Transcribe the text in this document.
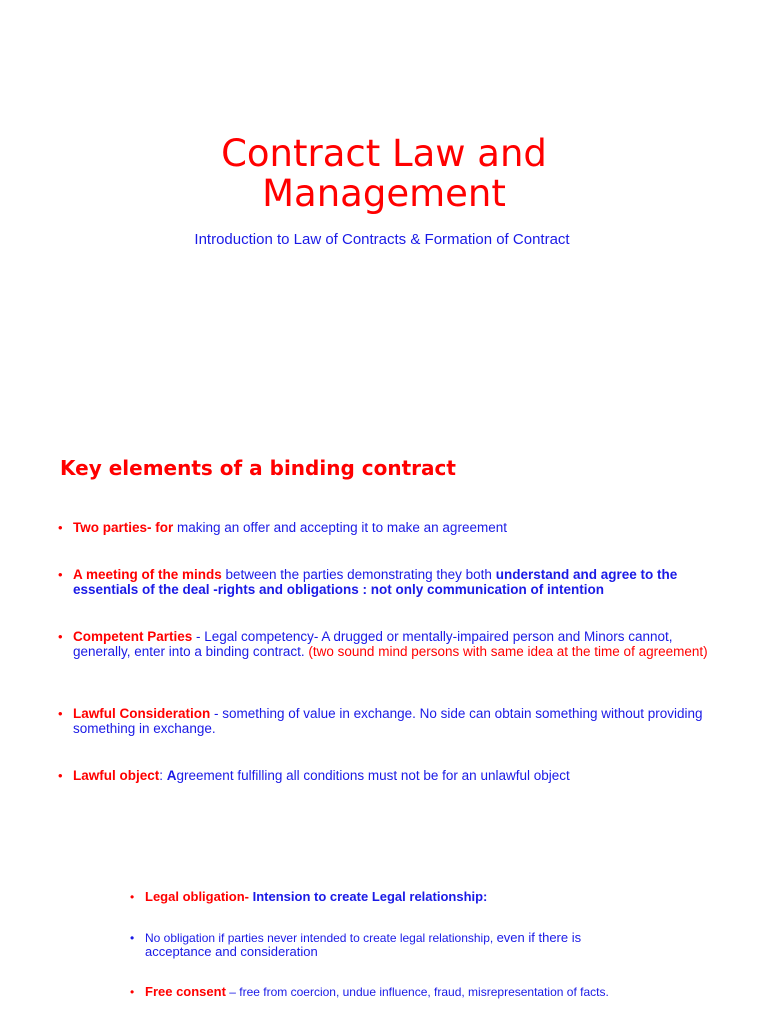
Contract Law and
Management
Introduction to Law of Contracts & Formation of Contract
Key elements of a binding contract
• Two parties- for making an offer and accepting it to make an agreement
• A meeting of the minds between the parties demonstrating they both understand and agree to the essentials of the deal -rights and obligations : not only communication of intention
• Competent Parties - Legal competency- A drugged or mentally-impaired person and Minors cannot, generally, enter into a binding contract. (two sound mind persons with same idea at the time of agreement)
• Lawful Consideration - something of value in exchange. No side can obtain something without providing something in exchange.
• Lawful object: Agreement fulfilling all conditions must not be for an unlawful object
• Legal obligation- Intension to create Legal relationship:
• No obligation if parties never intended to create legal relationship, even if there is acceptance and consideration
• Free consent – free from coercion, undue influence, fraud, misrepresentation of facts.
